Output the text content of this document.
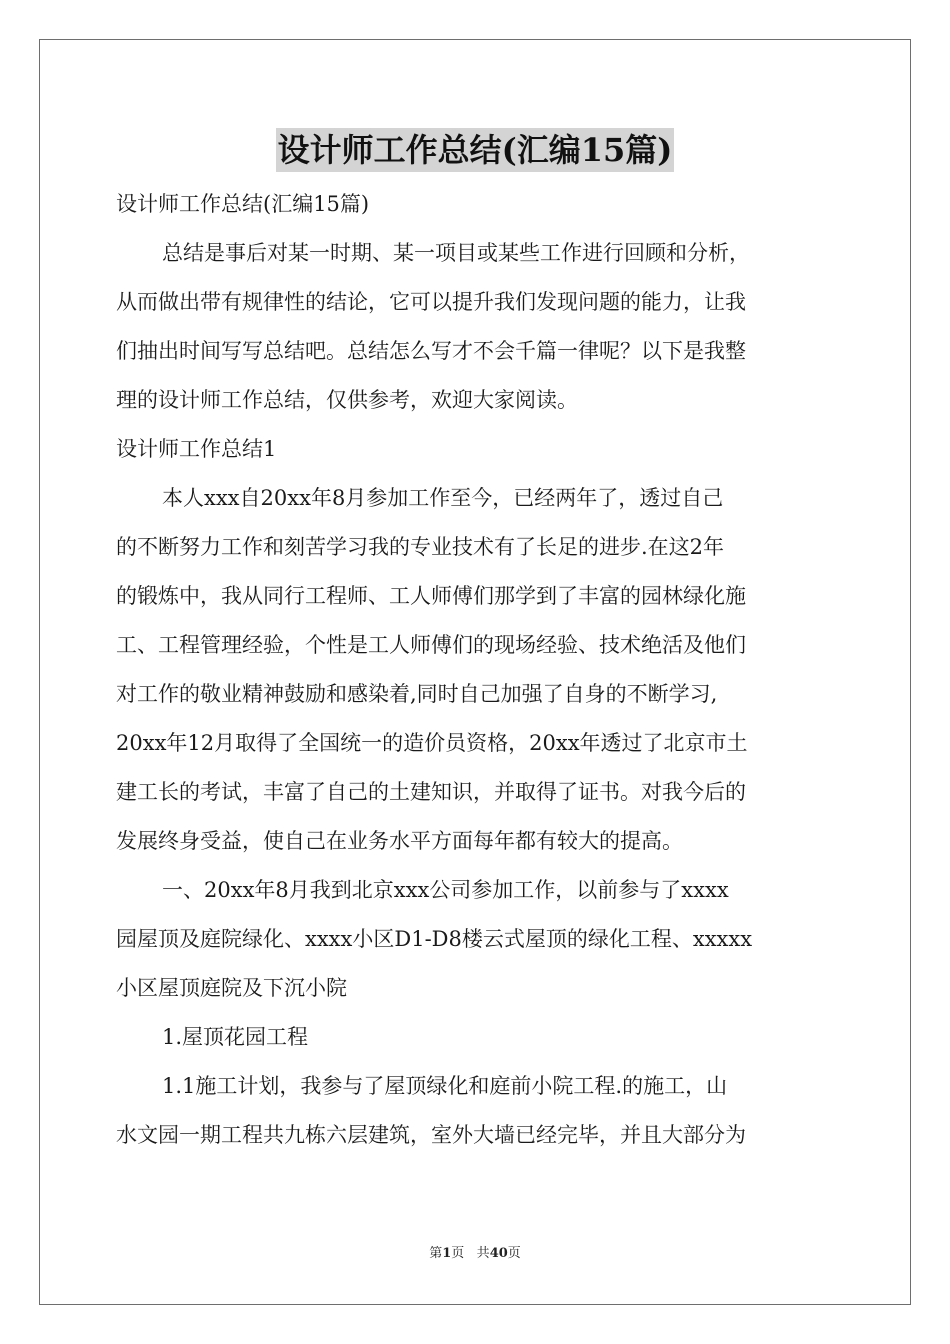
设计师工作总结(汇编15篇)
设计师工作总结(汇编15篇)
总结是事后对某一时期、某一项目或某些工作进行回顾和分析，
从而做出带有规律性的结论，它可以提升我们发现问题的能力，让我
们抽出时间写写总结吧。总结怎么写才不会千篇一律呢？以下是我整
理的设计师工作总结，仅供参考，欢迎大家阅读。
设计师工作总结1
本人xxx自20xx年8月参加工作至今，已经两年了，透过自己
的不断努力工作和刻苦学习我的专业技术有了长足的进步.在这2年
的锻炼中，我从同行工程师、工人师傅们那学到了丰富的园林绿化施
工、工程管理经验，个性是工人师傅们的现场经验、技术绝活及他们
对工作的敬业精神鼓励和感染着,同时自己加强了自身的不断学习,
20xx年12月取得了全国统一的造价员资格，20xx年透过了北京市土
建工长的考试，丰富了自己的土建知识，并取得了证书。对我今后的
发展终身受益，使自己在业务水平方面每年都有较大的提高。
一、20xx年8月我到北京xxx公司参加工作，以前参与了xxxx
园屋顶及庭院绿化、xxxx小区D1-D8楼云式屋顶的绿化工程、xxxxx
小区屋顶庭院及下沉小院
1.屋顶花园工程
1.1施工计划，我参与了屋顶绿化和庭前小院工程.的施工，山
水文园一期工程共九栋六层建筑，室外大墙已经完毕，并且大部分为
第1页 共40页
